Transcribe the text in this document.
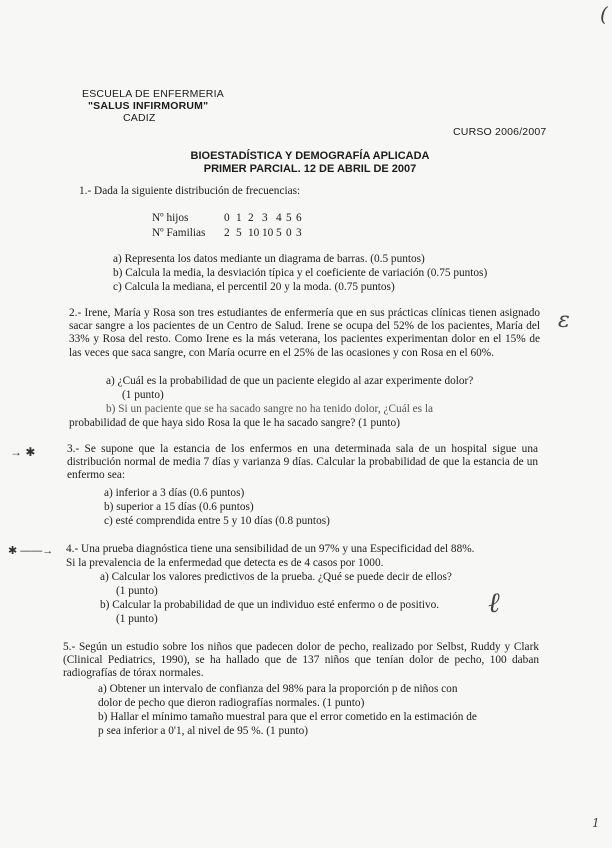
ESCUELA DE ENFERMERIA
"SALUS INFIRMORUM"
CADIZ
CURSO 2006/2007
BIOESTADÍSTICA Y DEMOGRAFÍA APLICADA
PRIMER PARCIAL. 12 DE ABRIL DE 2007
1.- Dada la siguiente distribución de frecuencias:
Nº hijos	0	1	2	3	4	5	6
Nº Familias	2	5	10	10	5	0	3
a) Representa los datos mediante un diagrama de barras. (0.5 puntos)
b) Calcula la media, la desviación típica y el coeficiente de variación (0.75 puntos)
c) Calcula la mediana, el percentil 20 y la moda. (0.75 puntos)
2.- Irene, María y Rosa son tres estudiantes de enfermería que en sus prácticas clínicas tienen asignado sacar sangre a los pacientes de un Centro de Salud. Irene se ocupa del 52% de los pacientes, María del 33% y Rosa del resto. Como Irene es la más veterana, los pacientes experimentan dolor en el 15% de las veces que saca sangre, con María ocurre en el 25% de las ocasiones y con Rosa en el 60%.
a) ¿Cuál es la probabilidad de que un paciente elegido al azar experimente dolor?
(1 punto)
b) Si un paciente que se ha sacado sangre no ha tenido dolor, ¿Cuál es la
probabilidad de que haya sido Rosa la que le ha sacado sangre? (1 punto)
ε
(
→ ✱	3.- Se supone que la estancia de los enfermos en una determinada sala de un hospital sigue una distribución normal de media 7 días y varianza 9 días. Calcular la probabilidad de que la estancia de un enfermo sea:
a) inferior a 3 días (0.6 puntos)
b) superior a 15 días (0.6 puntos)
c) esté comprendida entre 5 y 10 días (0.8 puntos)
✱ ——→ 4.- Una prueba diagnóstica tiene una sensibilidad de un 97% y una Especificidad del 88%.
Si la prevalencia de la enfermedad que detecta es de 4 casos por 1000.
a) Calcular los valores predictivos de la prueba. ¿Qué se puede decir de ellos?
(1 punto)
b) Calcular la probabilidad de que un individuo esté enfermo o de positivo.
(1 punto)	ℓ
5.- Según un estudio sobre los niños que padecen dolor de pecho, realizado por Selbst, Ruddy y Clark (Clinical Pediatrics, 1990), se ha hallado que de 137 niños que tenían dolor de pecho, 100 daban radiografías de tórax normales.
a) Obtener un intervalo de confianza del 98% para la proporción p de niños con
dolor de pecho que dieron radiografías normales. (1 punto)
b) Hallar el mínimo tamaño muestral para que el error cometido en la estimación de
p sea inferior a 0'1, al nivel de 95 %. (1 punto)
1
